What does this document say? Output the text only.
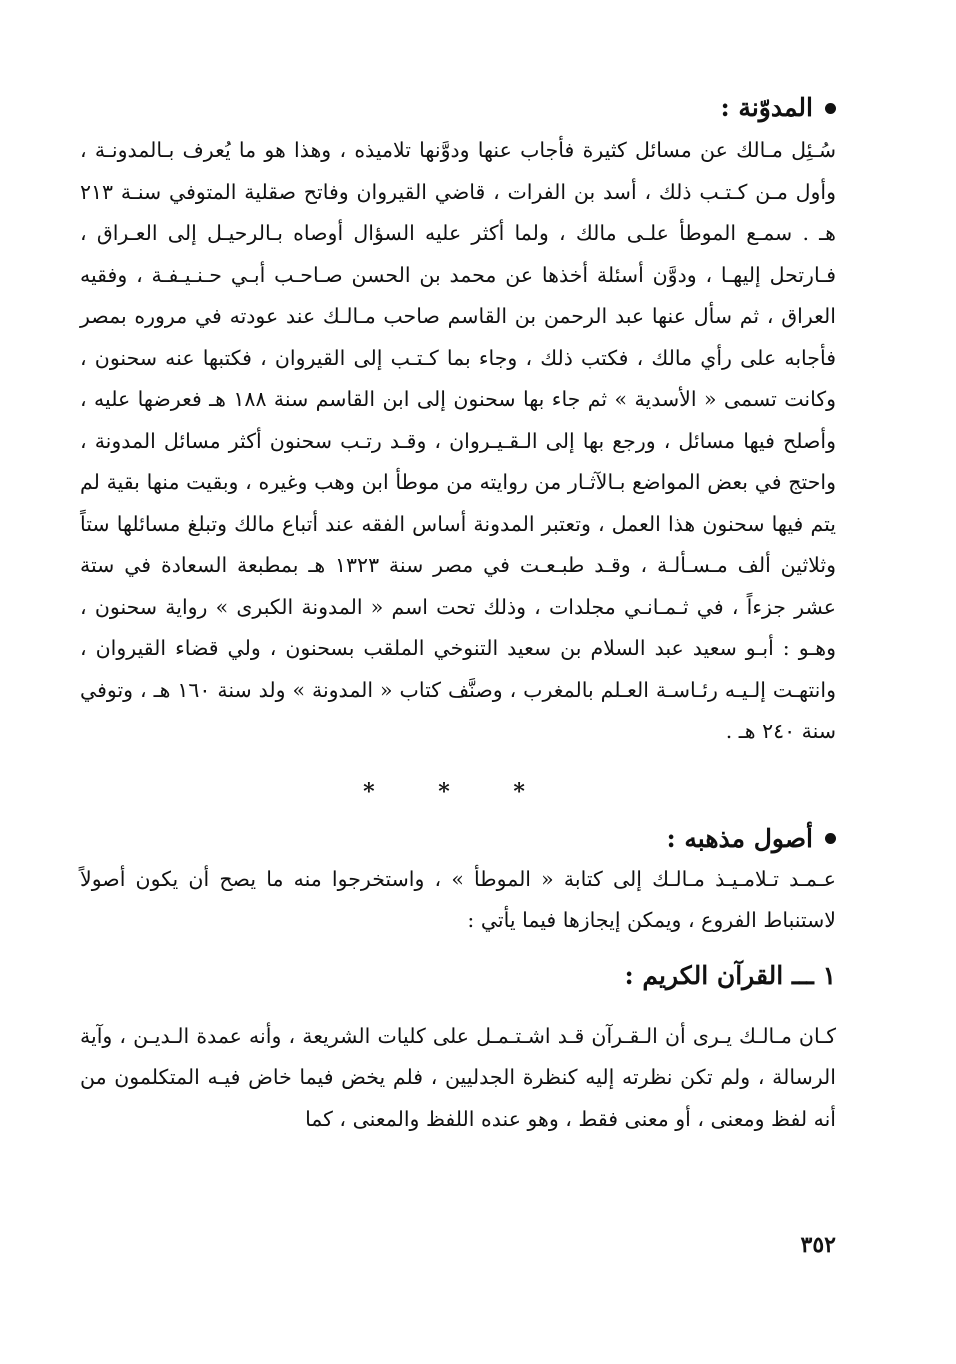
المدوّنة :

سُـئِل مـالك عن مسائل كثيرة فأجاب عنها ودوَّنها تلاميذه ، وهذا هو ما يُعرف بـالمدونـة ، وأول مـن كـتـب ذلك ، أسد بن الفرات ، قاضي القيروان وفاتح صقلية المتوفي سنـة ٢١٣ هـ . سمـع الموطأ علـى مالك ، ولما أكثر عليه السؤال أوصاه بـالرحيـل إلى العـراق ، فـارتحل إليهـا ، ودوَّن أسئلة أخذها عن محمد بن الحسن صـاحـب أبـي حـنـيـفـة ، وفقيه العراق ، ثم سأل عنها عبد الرحمن بن القاسم صاحب مـالـك عند عودته في مروره بمصر فأجابه على رأي مالك ، فكتب ذلك ، وجاء بما كـتـب إلى القيروان ، فكتبها عنه سحنون ، وكانت تسمى « الأسدية » ثم جاء بها سحنون إلى ابن القاسم سنة ١٨٨ هـ فعرضها عليه ، وأصلح فيها مسائل ، ورجع بها إلى الـقـيـروان ، وقـد رتـب سحنون أكثر مسائل المدونة ، واحتج في بعض المواضع بـالآثـار من روايته من موطأ ابن وهب وغيره ، وبقيت منها بقية لم يتم فيها سحنون هذا العمل ، وتعتبر المدونة أساس الفقه عند أتباع مالك وتبلغ مسائلها ستاً وثلاثين ألف مـسـألـة ، وقـد طبـعـت في مصر سنة ١٣٢٣ هـ بمطبعة السعادة في ستة عشر جزءاً ، في ثـمـانـي مجلدات ، وذلك تحت اسم « المدونة الكبرى » رواية سحنون ، وهـو : أبـو سعيد عبد السلام بن سعيد التنوخي الملقب بسحنون ، ولي قضاء القيروان ، وانتهـت إلـيـه رئـاسـة العـلم بالمغرب ، وصنَّف كتاب « المدونة » ولد سنة ١٦٠ هـ ، وتوفي سنة ٢٤٠ هـ .

* * *
أصول مذهبه :

عـمـد تـلامـيـذ مـالـك إلى كتابة « الموطأ » ، واستخرجوا منه ما يصح أن يكون أصولاً لاستنباط الفروع ، ويمكن إيجازها فيما يأتي :

١ ـــ القرآن الكريم :

كـان مـالـك يـرى أن الـقـرآن قـد اشـتـمـل على كليات الشريعة ، وأنه عمدة الـديـن ، وآية الرسالة ، ولم تكن نظرته إليه كنظرة الجدليين ، فلم يخض فيما خاض فيـه المتكلمون من أنه لفظ ومعنى ، أو معنى فقط ، وهو عنده اللفظ والمعنى ، كما

٣٥٢
